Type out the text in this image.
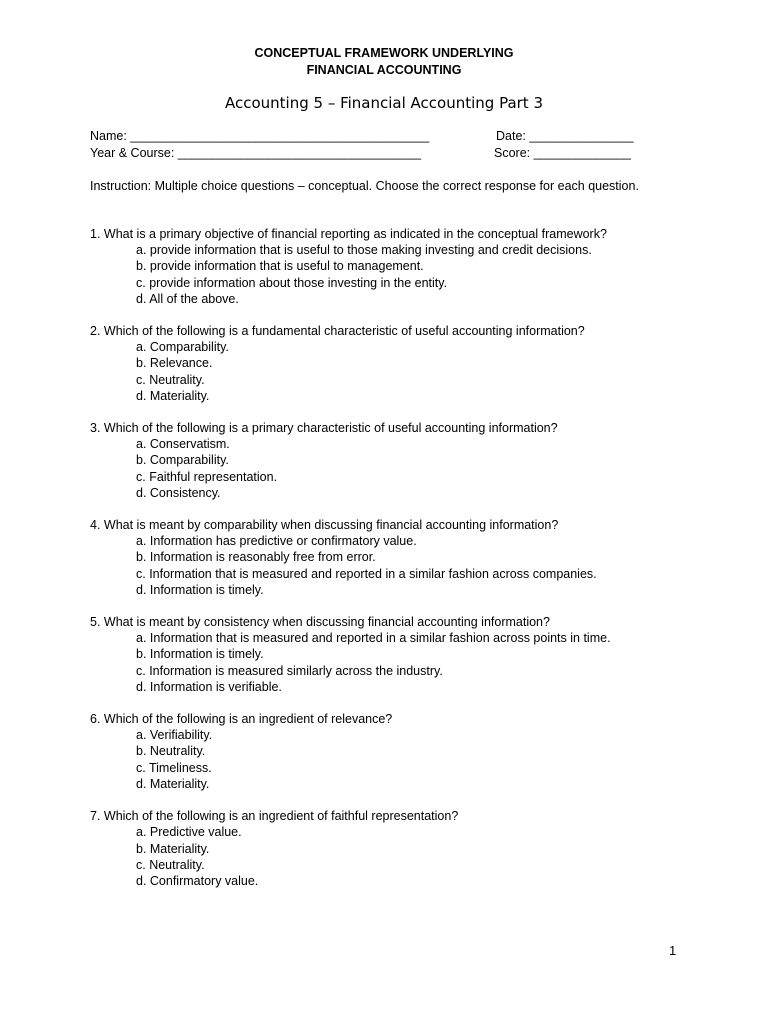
CONCEPTUAL FRAMEWORK UNDERLYING
FINANCIAL ACCOUNTING
Accounting 5 – Financial Accounting Part 3
Name: ___________________________________________	Date: _______________
Year & Course: ___________________________________	Score: ______________
Instruction: Multiple choice questions – conceptual. Choose the correct response for each question.
1. What is a primary objective of financial reporting as indicated in the conceptual framework?
a. provide information that is useful to those making investing and credit decisions.
b. provide information that is useful to management.
c. provide information about those investing in the entity.
d. All of the above.
2. Which of the following is a fundamental characteristic of useful accounting information?
a. Comparability.
b. Relevance.
c. Neutrality.
d. Materiality.
3. Which of the following is a primary characteristic of useful accounting information?
a. Conservatism.
b. Comparability.
c. Faithful representation.
d. Consistency.
4. What is meant by comparability when discussing financial accounting information?
a. Information has predictive or confirmatory value.
b. Information is reasonably free from error.
c. Information that is measured and reported in a similar fashion across companies.
d. Information is timely.
5. What is meant by consistency when discussing financial accounting information?
a. Information that is measured and reported in a similar fashion across points in time.
b. Information is timely.
c. Information is measured similarly across the industry.
d. Information is verifiable.
6. Which of the following is an ingredient of relevance?
a. Verifiability.
b. Neutrality.
c. Timeliness.
d. Materiality.
7. Which of the following is an ingredient of faithful representation?
a. Predictive value.
b. Materiality.
c. Neutrality.
d. Confirmatory value.
1
